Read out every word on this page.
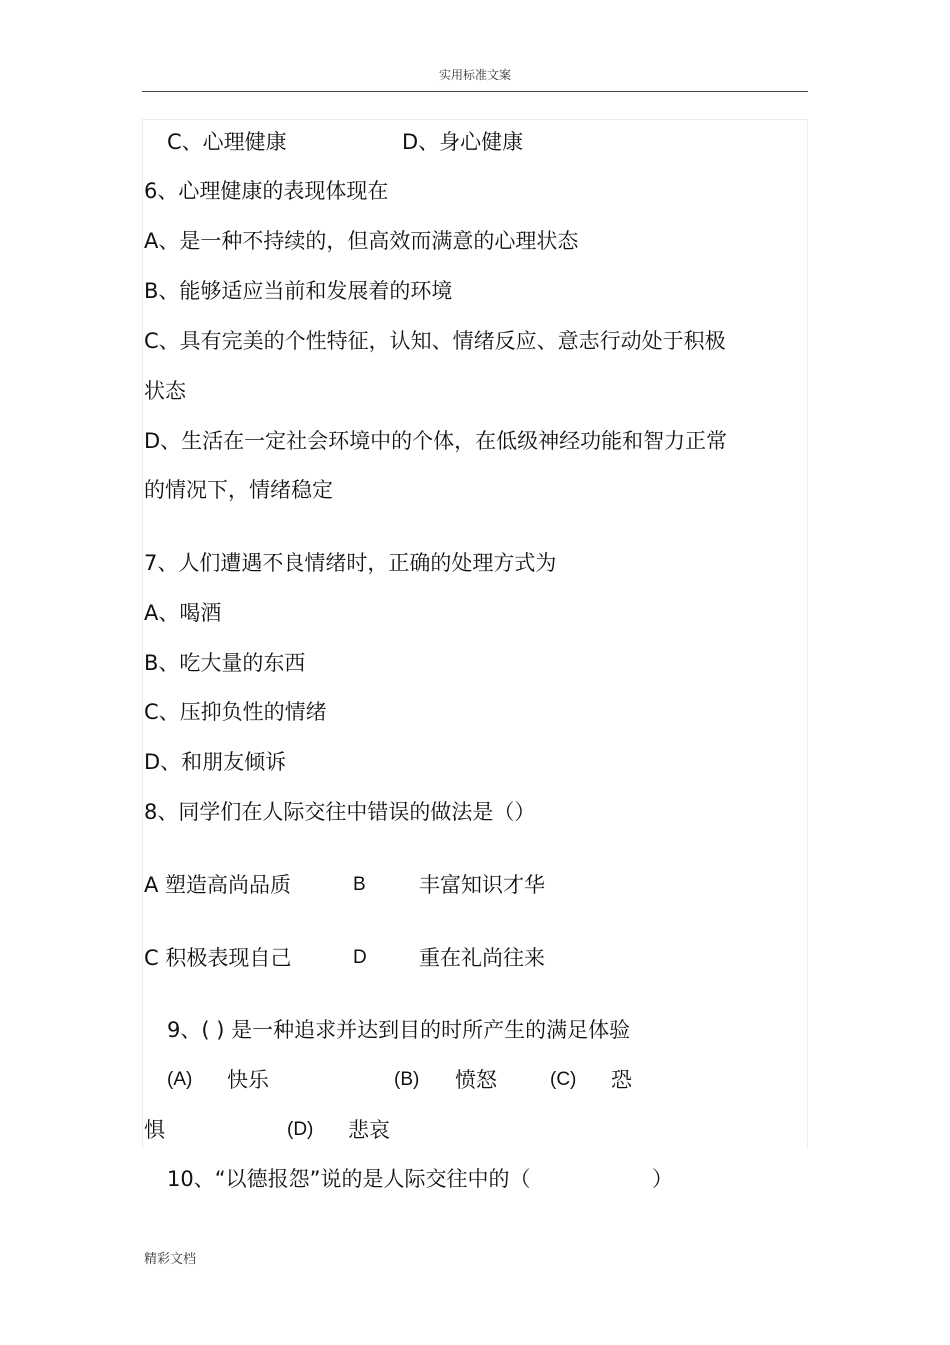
实用标准文案
C、心理健康	D、身心健康
6、心理健康的表现体现在
A、是一种不持续的，但高效而满意的心理状态
B、能够适应当前和发展着的环境
C、具有完美的个性特征，认知、情绪反应、意志行动处于积极
状态
D、生活在一定社会环境中的个体，在低级神经功能和智力正常
的情况下，情绪稳定
7、人们遭遇不良情绪时，正确的处理方式为
A、喝酒
B、吃大量的东西
C、压抑负性的情绪
D、和朋友倾诉
8、同学们在人际交往中错误的做法是（）
A 塑造高尚品质	B	丰富知识才华
C 积极表现自己	D 重在礼尚往来
9、( ) 是一种追求并达到目的时所产生的满足体验
(A) 快乐	(B) 愤怒	(C) 恐
惧	(D) 悲哀
10、“以德报怨”说的是人际交往中的（	）
精彩文档
